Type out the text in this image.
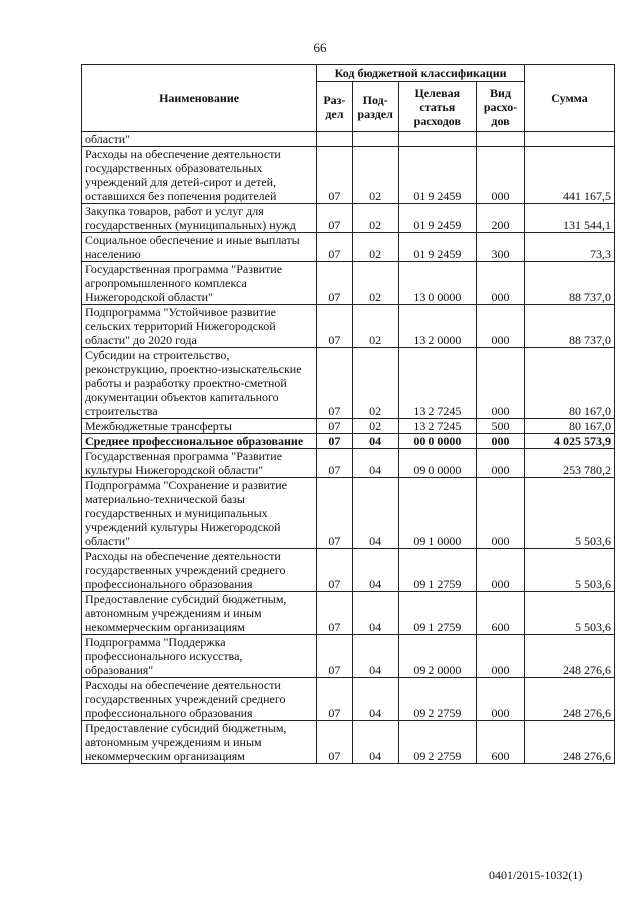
66
Наименование	Код бюджетной классификации				Сумма
	Раз-дел	Под-раздел	Целевая статья расходов	Вид расхо-дов	
области"					
Расходы на обеспечение деятельности государственных образовательных учреждений для детей-сирот и детей, оставшихся без попечения родителей	07	02	01 9 2459	000	441 167,5
Закупка товаров, работ и услуг для государственных (муниципальных) нужд	07	02	01 9 2459	200	131 544,1
Социальное обеспечение и иные выплаты населению	07	02	01 9 2459	300	73,3
Государственная программа "Развитие агропромышленного комплекса Нижегородской области"	07	02	13 0 0000	000	88 737,0
Подпрограмма "Устойчивое развитие сельских территорий Нижегородской области" до 2020 года	07	02	13 2 0000	000	88 737,0
Субсидии на строительство, реконструкцию, проектно-изыскательские работы и разработку проектно-сметной документации объектов капитального строительства	07	02	13 2 7245	000	80 167,0
Межбюджетные трансферты	07	02	13 2 7245	500	80 167,0
Среднее профессиональное образование	07	04	00 0 0000	000	4 025 573,9
Государственная программа "Развитие культуры Нижегородской области"	07	04	09 0 0000	000	253 780,2
Подпрограмма "Сохранение и развитие материально-технической базы государственных и муниципальных учреждений культуры Нижегородской области"	07	04	09 1 0000	000	5 503,6
Расходы на обеспечение деятельности государственных учреждений среднего профессионального образования	07	04	09 1 2759	000	5 503,6
Предоставление субсидий бюджетным, автономным учреждениям и иным некоммерческим организациям	07	04	09 1 2759	600	5 503,6
Подпрограмма "Поддержка профессионального искусства, образования"	07	04	09 2 0000	000	248 276,6
Расходы на обеспечение деятельности государственных учреждений среднего профессионального образования	07	04	09 2 2759	000	248 276,6
Предоставление субсидий бюджетным, автономным учреждениям и иным некоммерческим организациям	07	04	09 2 2759	600	248 276,6
0401/2015-1032(1)
